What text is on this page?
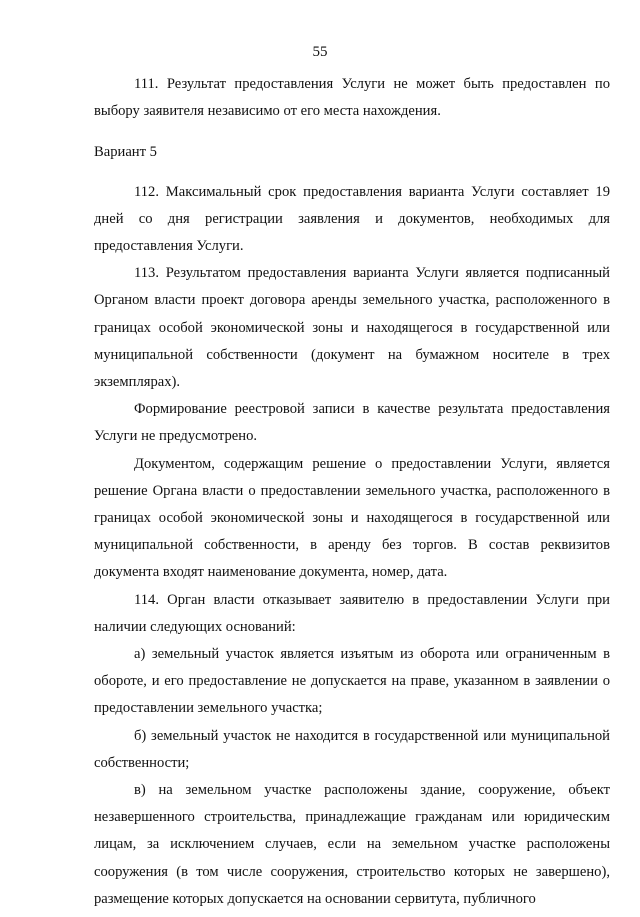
55

111. Результат предоставления Услуги не может быть предоставлен по выбору заявителя независимо от его места нахождения.

Вариант 5

112. Максимальный срок предоставления варианта Услуги составляет 19 дней со дня регистрации заявления и документов, необходимых для предоставления Услуги.

113. Результатом предоставления варианта Услуги является подписанный Органом власти проект договора аренды земельного участка, расположенного в границах особой экономической зоны и находящегося в государственной или муниципальной собственности (документ на бумажном носителе в трех экземплярах).

Формирование реестровой записи в качестве результата предоставления Услуги не предусмотрено.

Документом, содержащим решение о предоставлении Услуги, является решение Органа власти о предоставлении земельного участка, расположенного в границах особой экономической зоны и находящегося в государственной или муниципальной собственности, в аренду без торгов. В состав реквизитов документа входят наименование документа, номер, дата.

114. Орган власти отказывает заявителю в предоставлении Услуги при наличии следующих оснований:

а) земельный участок является изъятым из оборота или ограниченным в обороте, и его предоставление не допускается на праве, указанном в заявлении о предоставлении земельного участка;

б) земельный участок не находится в государственной или муниципальной собственности;

в) на земельном участке расположены здание, сооружение, объект незавершенного строительства, принадлежащие гражданам или юридическим лицам, за исключением случаев, если на земельном участке расположены сооружения (в том числе сооружения, строительство которых не завершено), размещение которых допускается на основании сервитута, публичного
